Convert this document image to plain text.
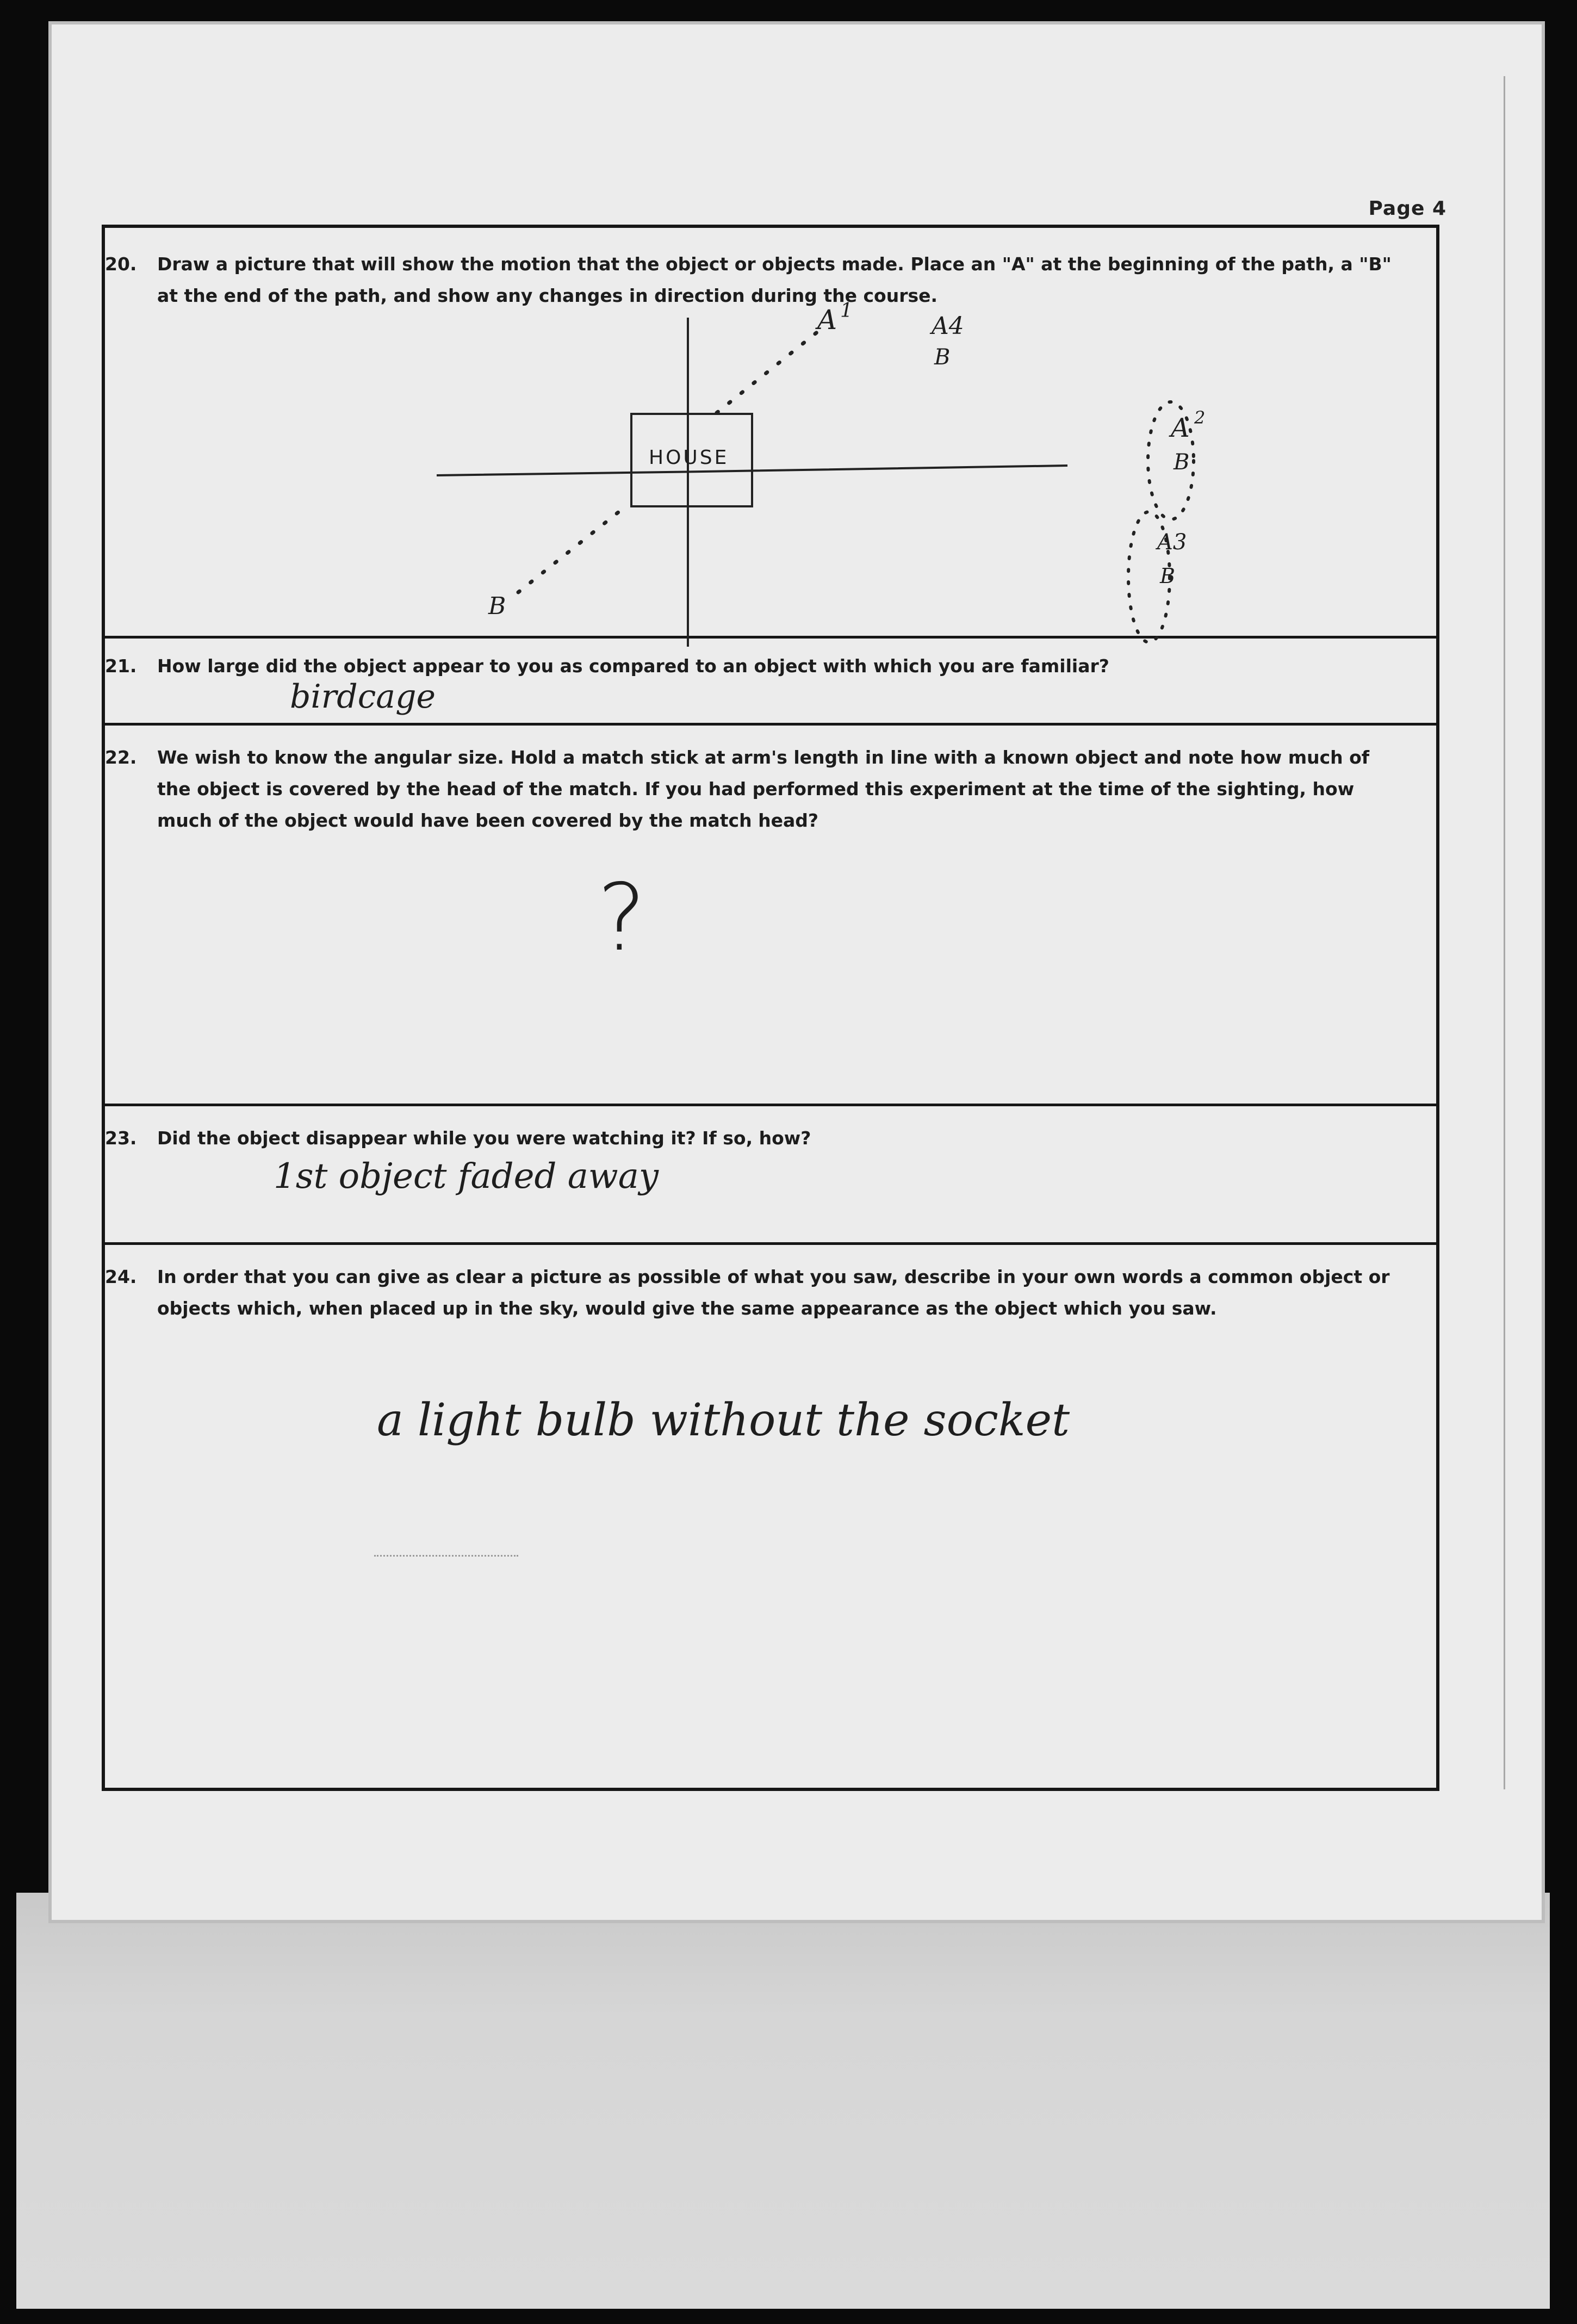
Page 4
20.	Draw a picture that will show the motion that the object or objects made. Place an "A" at the beginning of the path, a "B" at the end of the path, and show any changes in direction during the course.
HOUSE
A 1
A4
B
A 2
B
A3
B
B
21.	How large did the object appear to you as compared to an object with which you are familiar?
birdcage
22.	We wish to know the angular size. Hold a match stick at arm's length in line with a known object and note how much of the object is covered by the head of the match. If you had performed this experiment at the time of the sighting, how much of the object would have been covered by the match head?
?
23.	Did the object disappear while you were watching it? If so, how?
1st object faded away
24.	In order that you can give as clear a picture as possible of what you saw, describe in your own words a common object or objects which, when placed up in the sky, would give the same appearance as the object which you saw.
a light bulb without the socket
